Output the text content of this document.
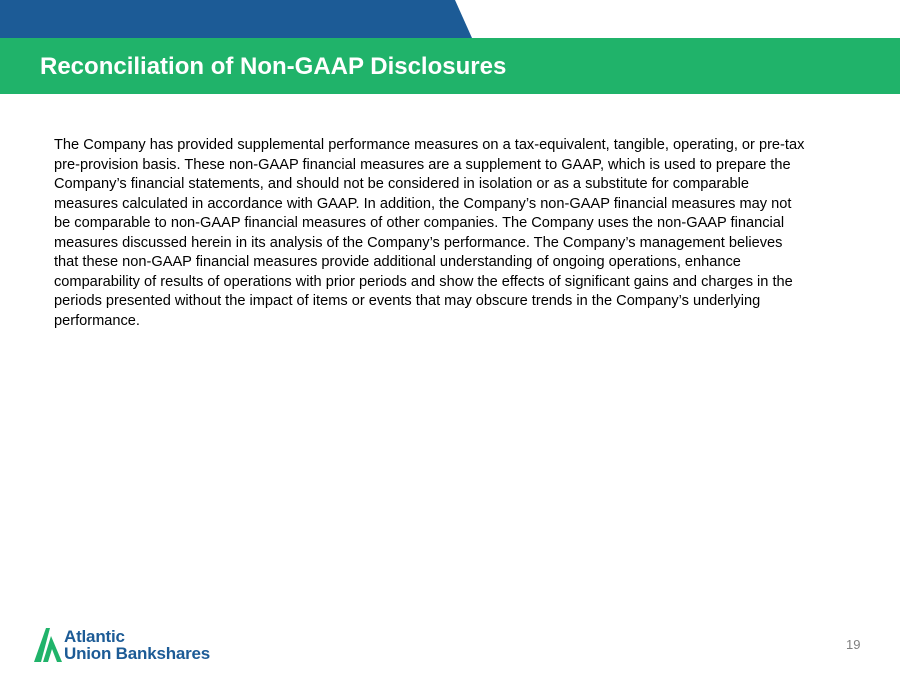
Reconciliation of Non-GAAP Disclosures

The Company has provided supplemental performance measures on a tax-equivalent, tangible, operating, or pre-tax pre-provision basis. These non-GAAP financial measures are a supplement to GAAP, which is used to prepare the Company’s financial statements, and should not be considered in isolation or as a substitute for comparable measures calculated in accordance with GAAP. In addition, the Company’s non-GAAP financial measures may not be comparable to non-GAAP financial measures of other companies. The Company uses the non-GAAP financial measures discussed herein in its analysis of the Company’s performance. The Company’s management believes that these non-GAAP financial measures provide additional understanding of ongoing operations, enhance comparability of results of operations with prior periods and show the effects of significant gains and charges in the periods presented without the impact of items or events that may obscure trends in the Company’s underlying performance.

Atlantic
Union Bankshares	19
